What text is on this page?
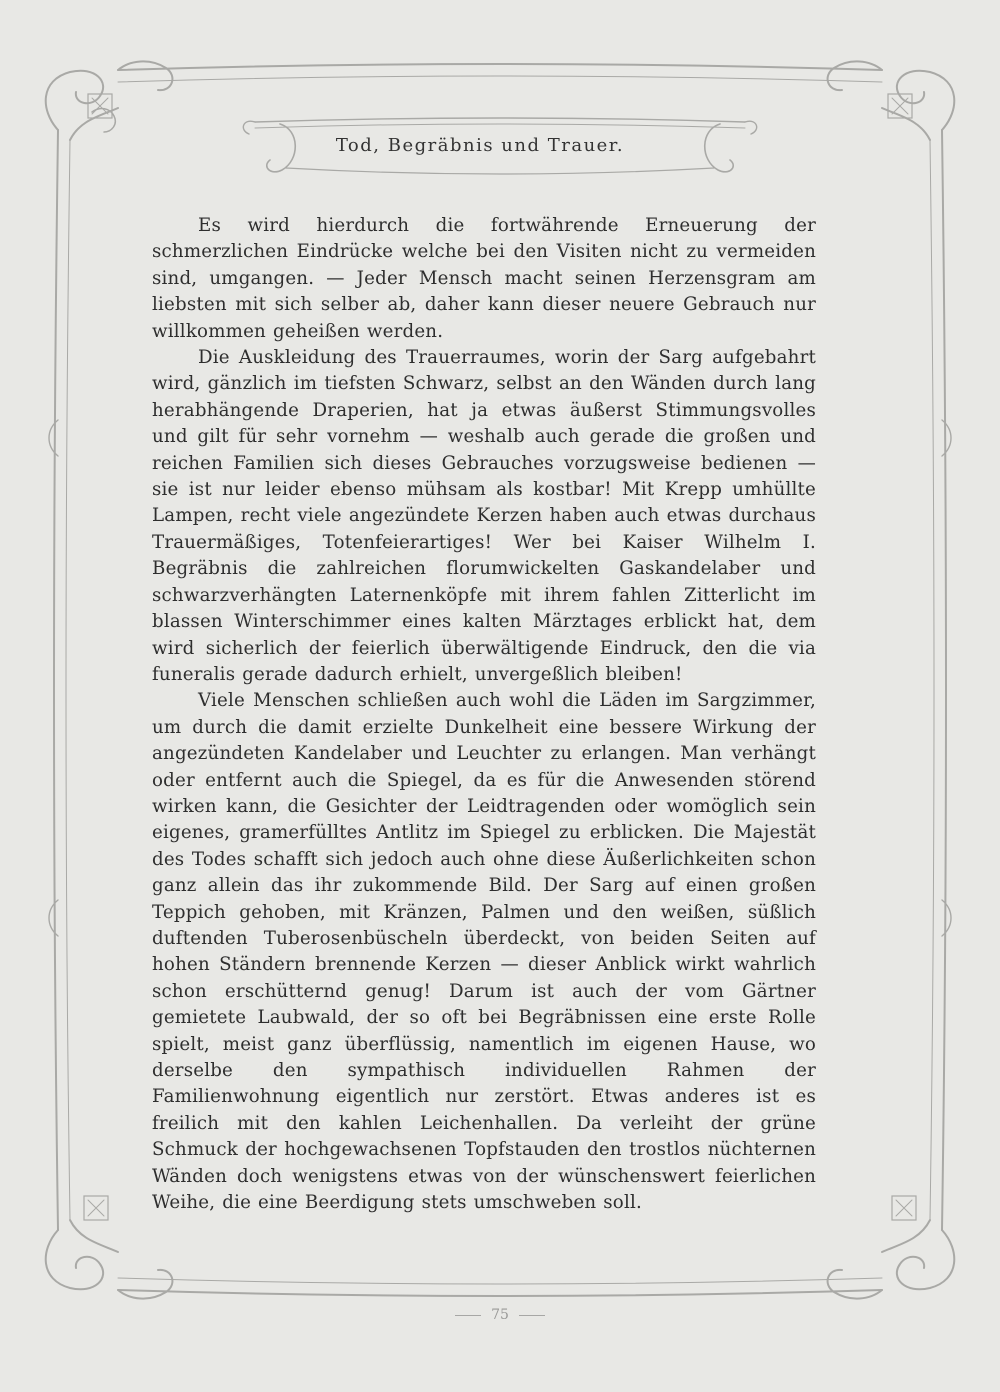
Tod, Begräbnis und Trauer.

Es wird hierdurch die fortwährende Erneuerung der schmerzlichen Eindrücke welche bei den Visiten nicht zu vermeiden sind, umgangen. — Jeder Mensch macht seinen Herzensgram am liebsten mit sich selber ab, daher kann dieser neuere Gebrauch nur willkommen geheißen werden.

Die Auskleidung des Trauerraumes, worin der Sarg aufgebahrt wird, gänzlich im tiefsten Schwarz, selbst an den Wänden durch lang herabhängende Draperien, hat ja etwas äußerst Stimmungsvolles und gilt für sehr vornehm — weshalb auch gerade die großen und reichen Familien sich dieses Gebrauches vorzugsweise bedienen — sie ist nur leider ebenso mühsam als kostbar! Mit Krepp umhüllte Lampen, recht viele angezündete Kerzen haben auch etwas durchaus Trauermäßiges, Totenfeierartiges! Wer bei Kaiser Wilhelm I. Begräbnis die zahlreichen florumwickelten Gaskandelaber und schwarzverhängten Laternenköpfe mit ihrem fahlen Zitterlicht im blassen Winterschimmer eines kalten Märztages erblickt hat, dem wird sicherlich der feierlich überwältigende Eindruck, den die via funeralis gerade dadurch erhielt, unvergeßlich bleiben!

Viele Menschen schließen auch wohl die Läden im Sargzimmer, um durch die damit erzielte Dunkelheit eine bessere Wirkung der angezündeten Kandelaber und Leuchter zu erlangen. Man verhängt oder entfernt auch die Spiegel, da es für die Anwesenden störend wirken kann, die Gesichter der Leidtragenden oder womöglich sein eigenes, gramerfülltes Antlitz im Spiegel zu erblicken. Die Majestät des Todes schafft sich jedoch auch ohne diese Äußerlichkeiten schon ganz allein das ihr zukommende Bild. Der Sarg auf einen großen Teppich gehoben, mit Kränzen, Palmen und den weißen, süßlich duftenden Tuberosenbüscheln überdeckt, von beiden Seiten auf hohen Ständern brennende Kerzen — dieser Anblick wirkt wahrlich schon erschütternd genug! Darum ist auch der vom Gärtner gemietete Laubwald, der so oft bei Begräbnissen eine erste Rolle spielt, meist ganz überflüssig, namentlich im eigenen Hause, wo derselbe den sympathisch individuellen Rahmen der Familienwohnung eigentlich nur zerstört. Etwas anderes ist es freilich mit den kahlen Leichenhallen. Da verleiht der grüne Schmuck der hochgewachsenen Topfstauden den trostlos nüchternen Wänden doch wenigstens etwas von der wünschenswert feierlichen Weihe, die eine Beerdigung stets umschweben soll.

75
